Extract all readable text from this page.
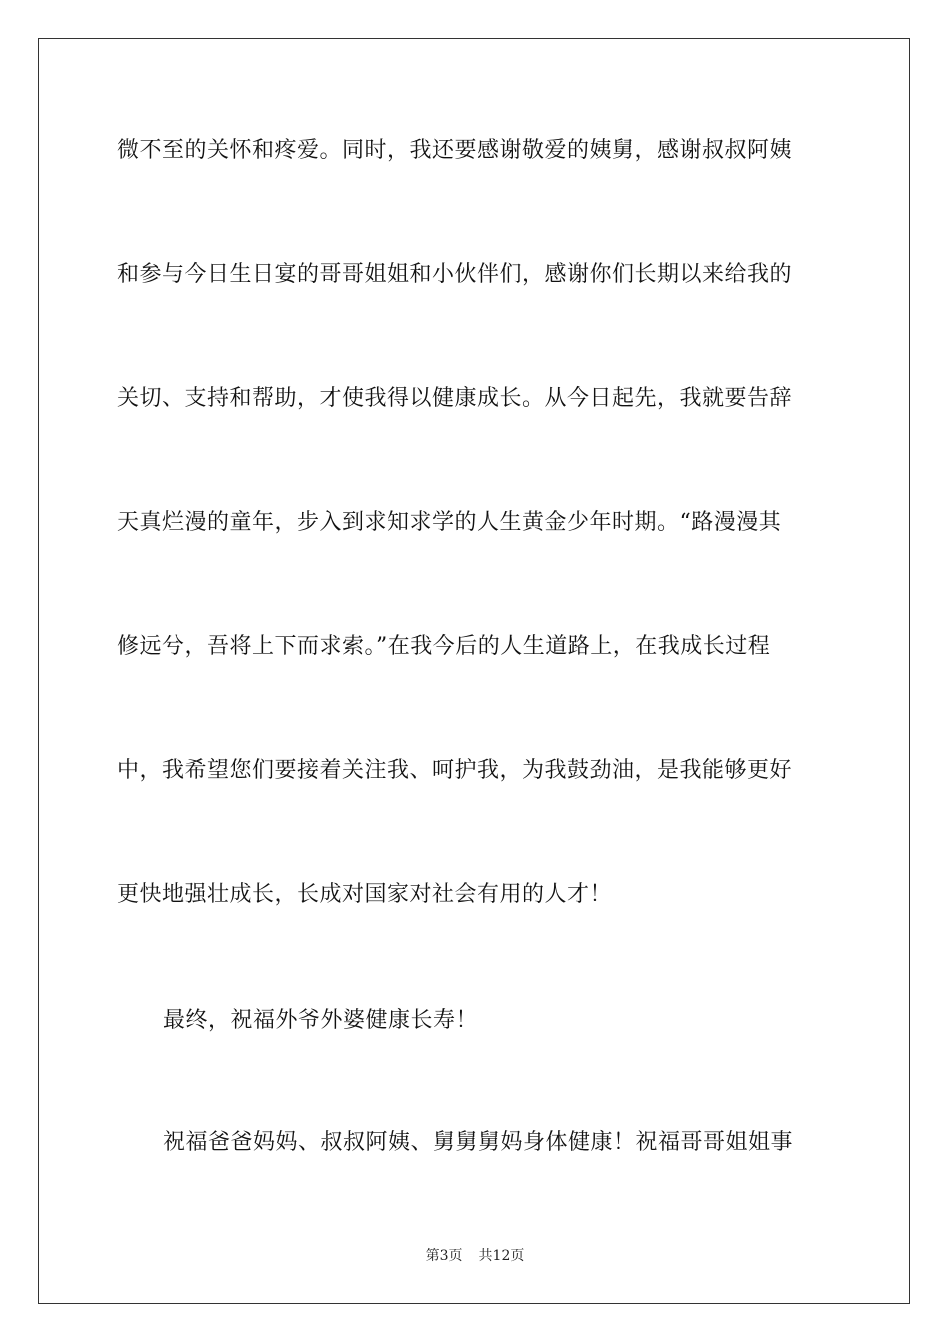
微不至的关怀和疼爱。同时，我还要感谢敬爱的姨舅，感谢叔叔阿姨
和参与今日生日宴的哥哥姐姐和小伙伴们，感谢你们长期以来给我的
关切、支持和帮助，才使我得以健康成长。从今日起先，我就要告辞
天真烂漫的童年，步入到求知求学的人生黄金少年时期。“路漫漫其
修远兮，吾将上下而求索。”在我今后的人生道路上，在我成长过程
中，我希望您们要接着关注我、呵护我，为我鼓劲油，是我能够更好
更快地强壮成长，长成对国家对社会有用的人才！
最终，祝福外爷外婆健康长寿！
祝福爸爸妈妈、叔叔阿姨、舅舅舅妈身体健康！祝福哥哥姐姐事
第3页 共12页
